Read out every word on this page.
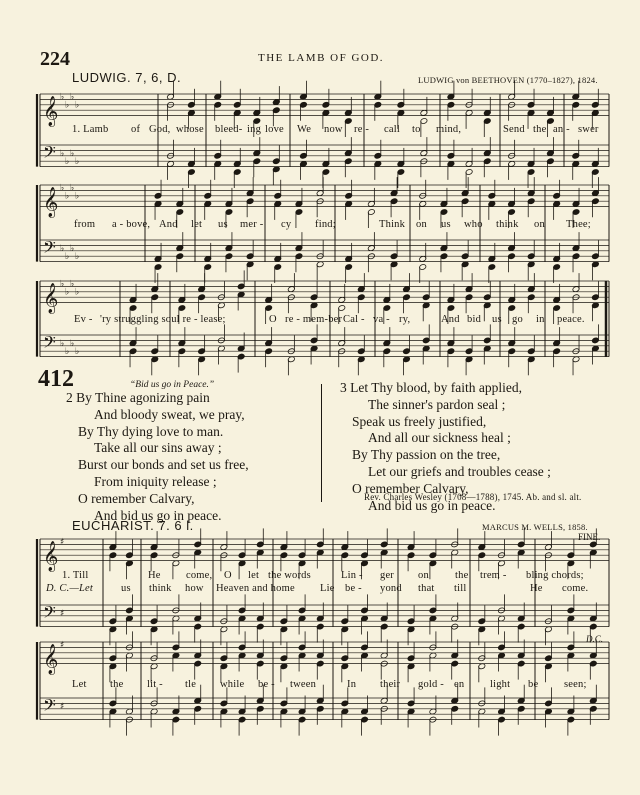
224	THE LAMB OF GOD.
LUDWIG. 7, 6, D.	LUDWIG von BEETHOVEN (1770–1827), 1824.
𝄞
𝄢
♭
♭
♭
♭
♭
♭
♭
♭
𝄞
𝄢
♭
♭
♭
♭
♭
♭
♭
♭
𝄞
𝄢
♭
♭
♭
♭
♭
♭
♭
♭
𝄞
𝄢
♯
♯
𝄞
𝄢
♯
♯
1. Lamb of God, whose bleed- ing love We now re - call to mind,	Send the an - swer
from a - bove, And let us mer - cy find;	Think on us who think on Thee;
Ev - 'ry struggling soul re - lease;	O re - mem-ber Cal - va - ry,	And bid us go in peace.
412	“Bid us go in Peace.”
2 By Thine agonizing pain
And bloody sweat, we pray,
By Thy dying love to man.
Take all our sins away ;
Burst our bonds and set us free,
From iniquity release ;
O remember Calvary,
And bid us go in peace.
3 Let Thy blood, by faith applied,
The sinner's pardon seal ;
Speak us freely justified,
And all our sickness heal ;
By Thy passion on the tree,
Let our griefs and troubles cease ;
O remember Calvary,
And bid us go in peace.
Rev. Charles Wesley (1708—1788), 1745. Ab. and sl. alt.
EUCHARIST. 7. 6 l.	MARCUS M. WELLS, 1858.
FINE.
D.C.
1. Till	He come, O let the words	Lin - ger on the trem - bling chords;
D. C.—Let	us think how Heaven and home Lie be - yond that till	He come.
Let the lit - tle while be - tween	In their gold - en light be seen;
